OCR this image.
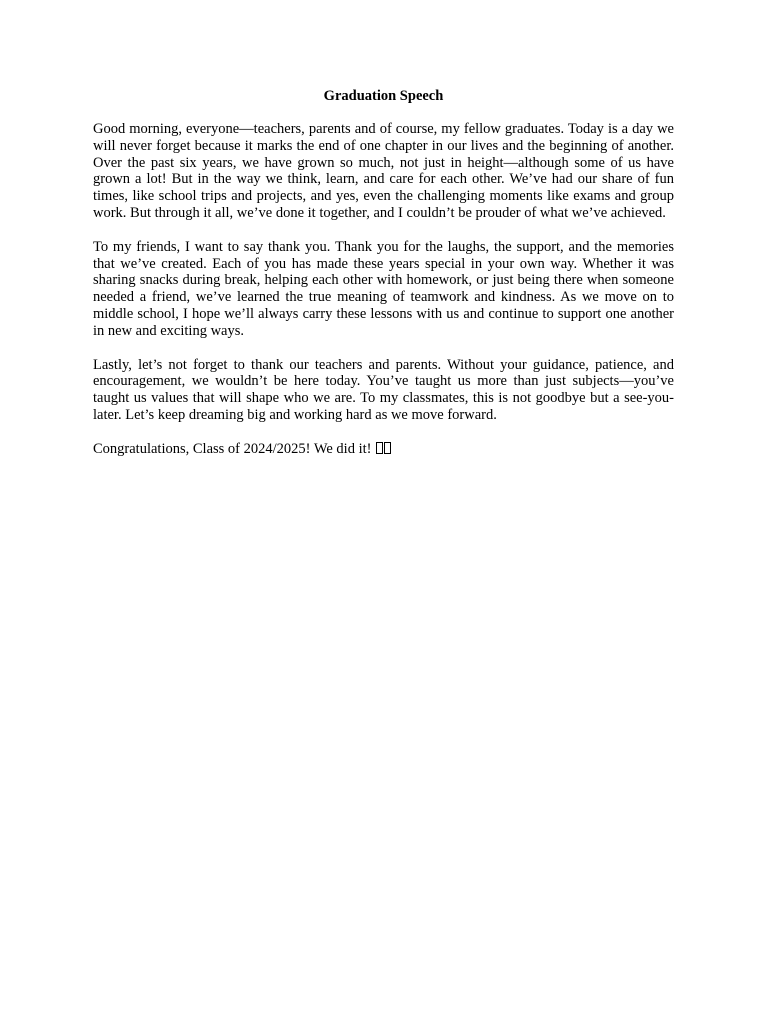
Graduation Speech

Good morning, everyone—teachers, parents and of course, my fellow graduates. Today is a day we will never forget because it marks the end of one chapter in our lives and the beginning of another. Over the past six years, we have grown so much, not just in height—although some of us have grown a lot! But in the way we think, learn, and care for each other. We’ve had our share of fun times, like school trips and projects, and yes, even the challenging moments like exams and group work. But through it all, we’ve done it together, and I couldn’t be prouder of what we’ve achieved.

To my friends, I want to say thank you. Thank you for the laughs, the support, and the memories that we’ve created. Each of you has made these years special in your own way. Whether it was sharing snacks during break, helping each other with homework, or just being there when someone needed a friend, we’ve learned the true meaning of teamwork and kindness. As we move on to middle school, I hope we’ll always carry these lessons with us and continue to support one another in new and exciting ways.

Lastly, let’s not forget to thank our teachers and parents. Without your guidance, patience, and encouragement, we wouldn’t be here today. You’ve taught us more than just subjects—you’ve taught us values that will shape who we are. To my classmates, this is not goodbye but a see-you-later. Let’s keep dreaming big and working hard as we move forward.

Congratulations, Class of 2024/2025! We did it!
